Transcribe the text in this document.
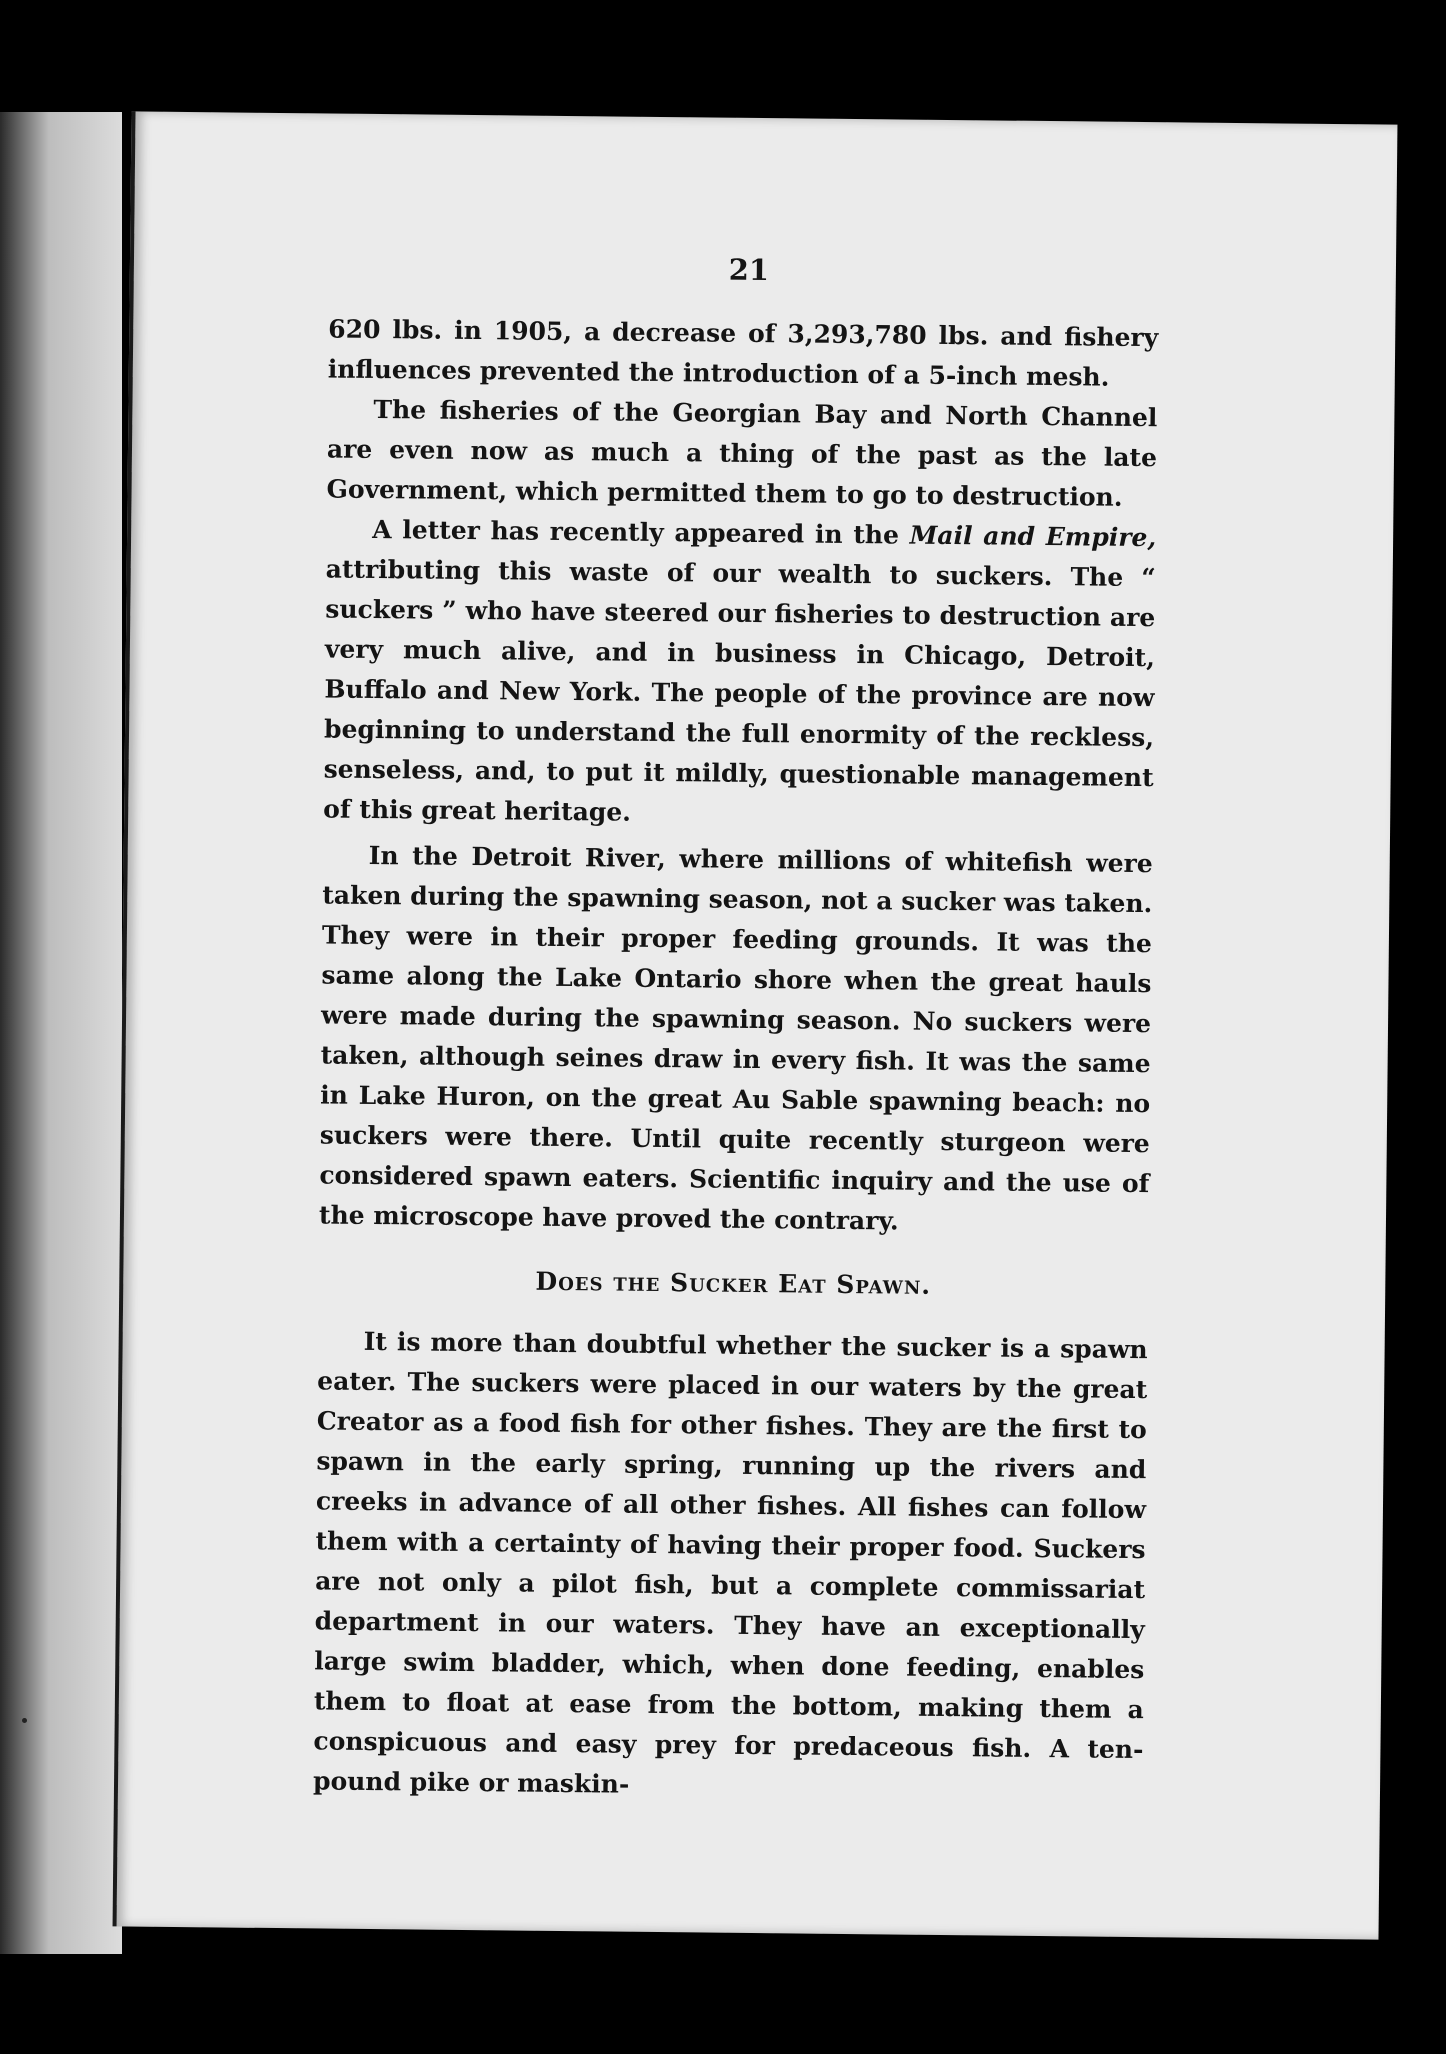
21

620 lbs. in 1905, a decrease of 3,293,780 lbs. and fishery influences prevented the introduction of a 5-inch mesh.

The fisheries of the Georgian Bay and North Channel are even now as much a thing of the past as the late Government, which permitted them to go to destruction.

A letter has recently appeared in the Mail and Empire, attributing this waste of our wealth to suckers. The “ suckers ” who have steered our fisheries to destruction are very much alive, and in business in Chicago, Detroit, Buffalo and New York. The people of the province are now beginning to understand the full enormity of the reckless, senseless, and, to put it mildly, questionable management of this great heritage.

In the Detroit River, where millions of whitefish were taken during the spawning season, not a sucker was taken. They were in their proper feeding grounds. It was the same along the Lake Ontario shore when the great hauls were made during the spawning season. No suckers were taken, although seines draw in every fish. It was the same in Lake Huron, on the great Au Sable spawning beach: no suckers were there. Until quite recently sturgeon were considered spawn eaters. Scientific inquiry and the use of the microscope have proved the contrary.

Does the Sucker Eat Spawn.

It is more than doubtful whether the sucker is a spawn eater. The suckers were placed in our waters by the great Creator as a food fish for other fishes. They are the first to spawn in the early spring, running up the rivers and creeks in advance of all other fishes. All fishes can follow them with a certainty of having their proper food. Suckers are not only a pilot fish, but a complete commissariat department in our waters. They have an exceptionally large swim bladder, which, when done feeding, enables them to float at ease from the bottom, making them a conspicuous and easy prey for predaceous fish. A ten-pound pike or maskin-
